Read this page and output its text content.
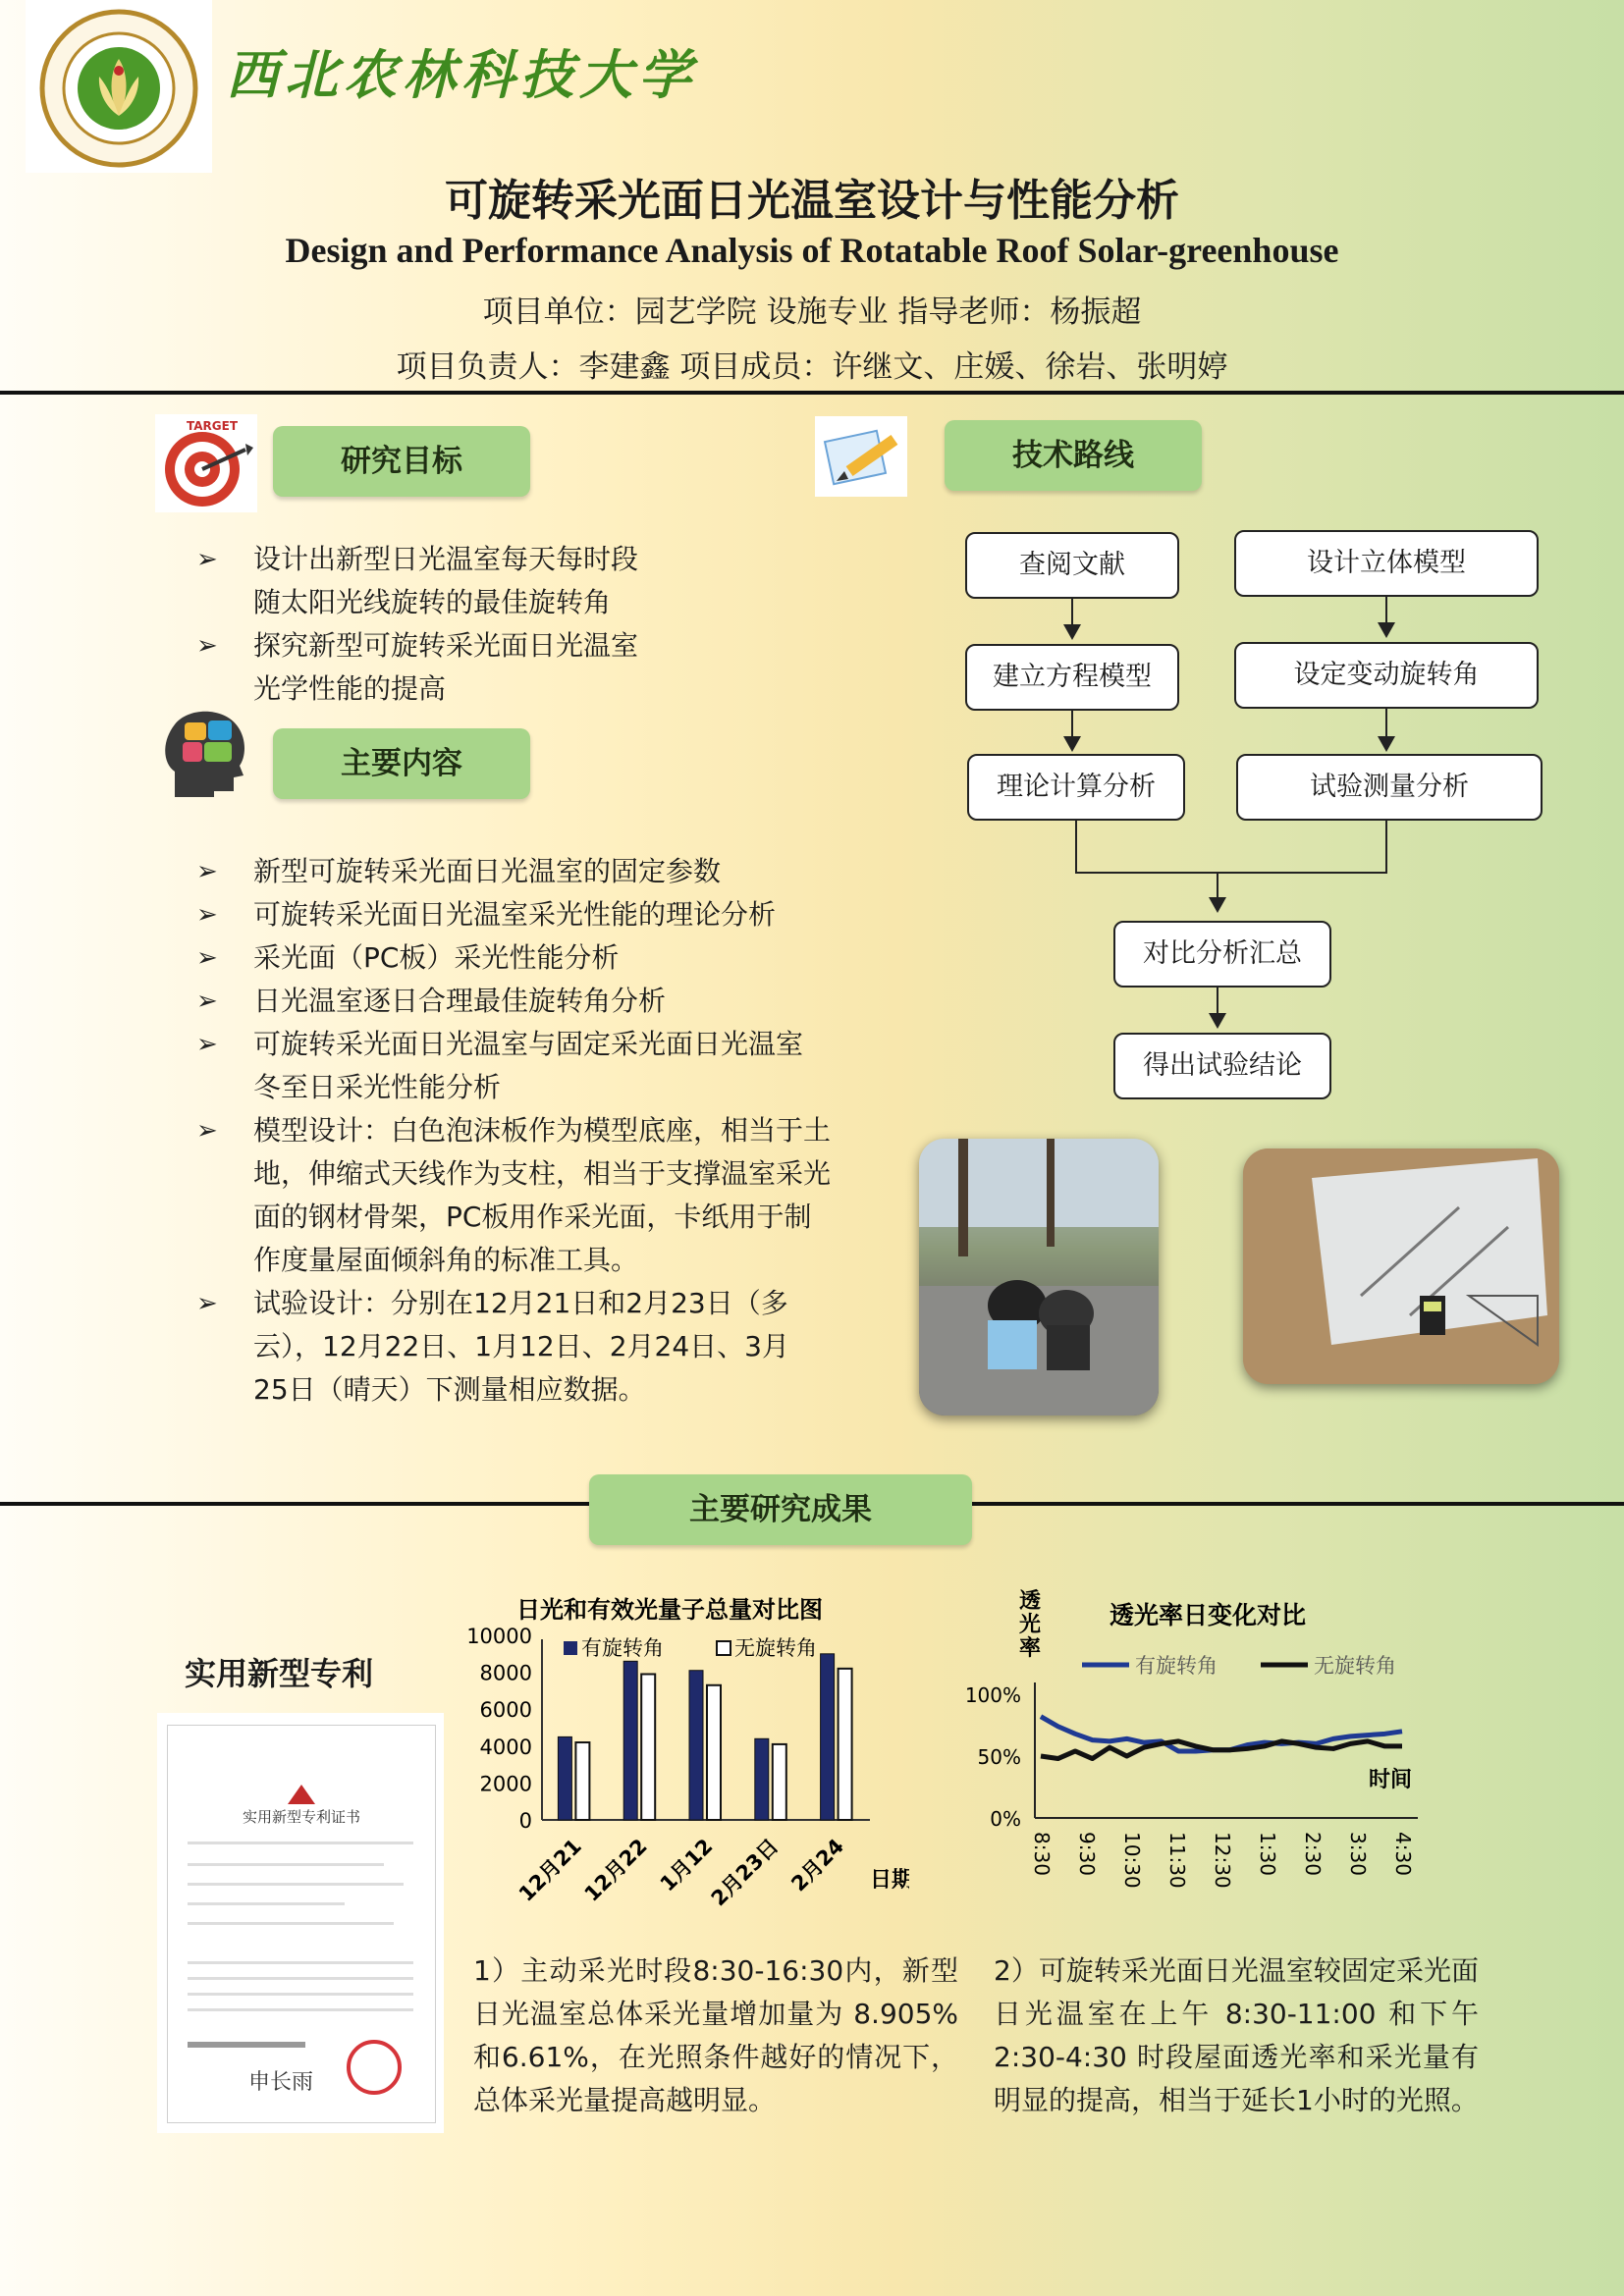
西北农林科技大学
可旋转采光面日光温室设计与性能分析
Design and Performance Analysis of Rotatable Roof Solar-greenhouse
项目单位：园艺学院 设施专业 指导老师：杨振超
项目负责人：李建鑫 项目成员：许继文、庄媛、徐岩、张明婷
TARGET
研究目标
➢ 设计出新型日光温室每天每时段
随太阳光线旋转的最佳旋转角
➢ 探究新型可旋转采光面日光温室
光学性能的提高
主要内容
➢ 新型可旋转采光面日光温室的固定参数
➢ 可旋转采光面日光温室采光性能的理论分析
➢ 采光面（PC板）采光性能分析
➢ 日光温室逐日合理最佳旋转角分析
➢ 可旋转采光面日光温室与固定采光面日光温室
冬至日采光性能分析
➢ 模型设计：白色泡沫板作为模型底座，相当于土
地，伸缩式天线作为支柱，相当于支撑温室采光
面的钢材骨架，PC板用作采光面，卡纸用于制
作度量屋面倾斜角的标准工具。
➢ 试验设计：分别在12月21日和2月23日（多
云），12月22日、1月12日、2月24日、3月
25日（晴天）下测量相应数据。
技术路线
查阅文献	设计立体模型
建立方程模型	设定变动旋转角
理论计算分析	试验测量分析
对比分析汇总
得出试验结论
主要研究成果
实用新型专利
申长雨
实用新型专利证书
日光和有效光量子总量对比图
有旋转角	无旋转角
10000
8000
6000
4000
2000
0
12月21
12月22 1月12
2月23日 2月24 日期
透
光
率
透光率日变化对比
有旋转角	无旋转角
100%
50%
0%
时间
8:30 9:30 10:30 11:30 12:30 1:30 2:30 3:30 4:30
1）主动采光时段8:30-16:30内，新型日光温室总体采光量增加量为 8.905%和6.61%，在光照条件越好的情况下，总体采光量提高越明显。
2）可旋转采光面日光温室较固定采光面日光温室在上午 8:30-11:00 和下午2:30-4:30 时段屋面透光率和采光量有明显的提高，相当于延长1小时的光照。
